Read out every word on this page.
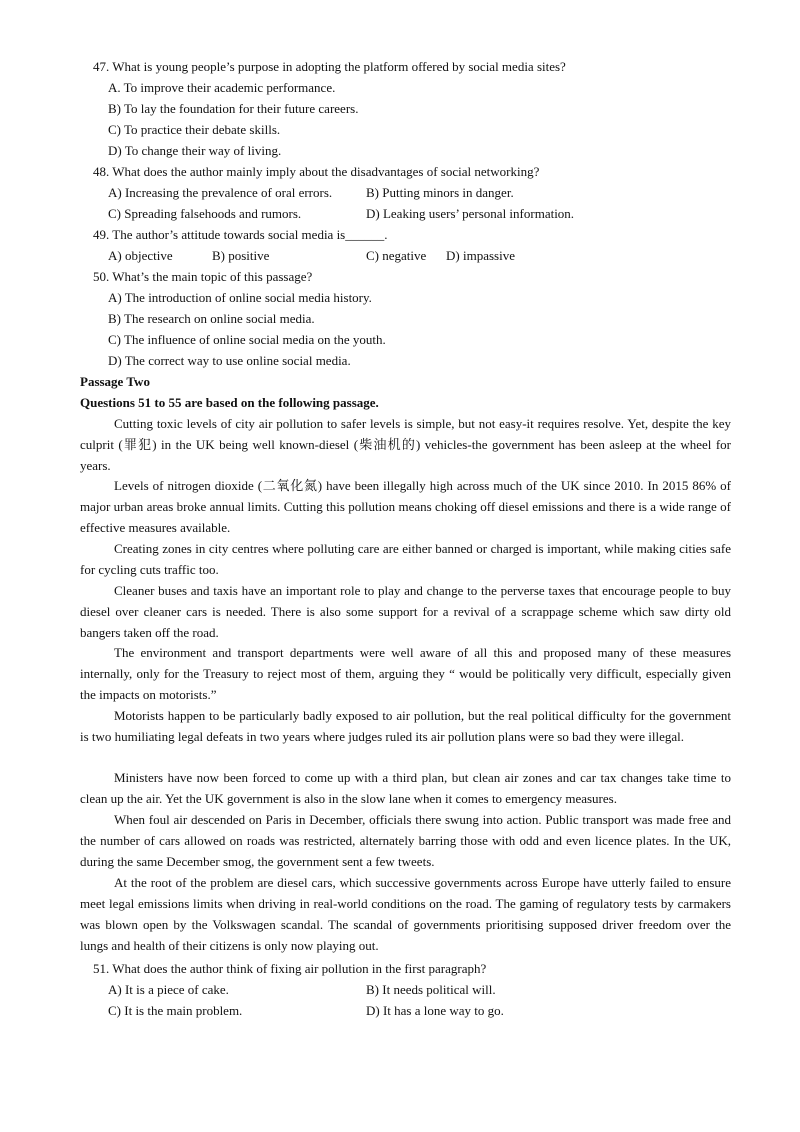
47. What is young people’s purpose in adopting the platform offered by social media sites?
A. To improve their academic performance.
B) To lay the foundation for their future careers.
C) To practice their debate skills.
D) To change their way of living.
48. What does the author mainly imply about the disadvantages of social networking?
A) Increasing the prevalence of oral errors.	B) Putting minors in danger.
C) Spreading falsehoods and rumors.	D) Leaking users’ personal information.
49. The author’s attitude towards social media is______.
A) objective	B) positive	C) negative D) impassive
50. What’s the main topic of this passage?
A) The introduction of online social media history.
B) The research on online social media.
C) The influence of online social media on the youth.
D) The correct way to use online social media.
Passage Two
Questions 51 to 55 are based on the following passage.

Cutting toxic levels of city air pollution to safer levels is simple, but not easy-it requires resolve. Yet, despite the key culprit (罪犯) in the UK being well known-diesel (柴油机的) vehicles-the government has been asleep at the wheel for years.

Levels of nitrogen dioxide (二氧化氮) have been illegally high across much of the UK since 2010. In 2015 86% of major urban areas broke annual limits. Cutting this pollution means choking off diesel emissions and there is a wide range of effective measures available.

Creating zones in city centres where polluting care are either banned or charged is important, while making cities safe for cycling cuts traffic too.

Cleaner buses and taxis have an important role to play and change to the perverse taxes that encourage people to buy diesel over cleaner cars is needed. There is also some support for a revival of a scrappage scheme which saw dirty old bangers taken off the road.

The environment and transport departments were well aware of all this and proposed many of these measures internally, only for the Treasury to reject most of them, arguing they “ would be politically very difficult, especially given the impacts on motorists.”

Motorists happen to be particularly badly exposed to air pollution, but the real political difficulty for the government is two humiliating legal defeats in two years where judges ruled its air pollution plans were so bad they were illegal.

Ministers have now been forced to come up with a third plan, but clean air zones and car tax changes take time to clean up the air. Yet the UK government is also in the slow lane when it comes to emergency measures.

When foul air descended on Paris in December, officials there swung into action. Public transport was made free and the number of cars allowed on roads was restricted, alternately barring those with odd and even licence plates. In the UK, during the same December smog, the government sent a few tweets.

At the root of the problem are diesel cars, which successive governments across Europe have utterly failed to ensure meet legal emissions limits when driving in real-world conditions on the road. The gaming of regulatory tests by carmakers was blown open by the Volkswagen scandal. The scandal of governments prioritising supposed driver freedom over the lungs and health of their citizens is only now playing out.

51. What does the author think of fixing air pollution in the first paragraph?
A) It is a piece of cake.	B) It needs political will.
C) It is the main problem.	D) It has a lone way to go.
